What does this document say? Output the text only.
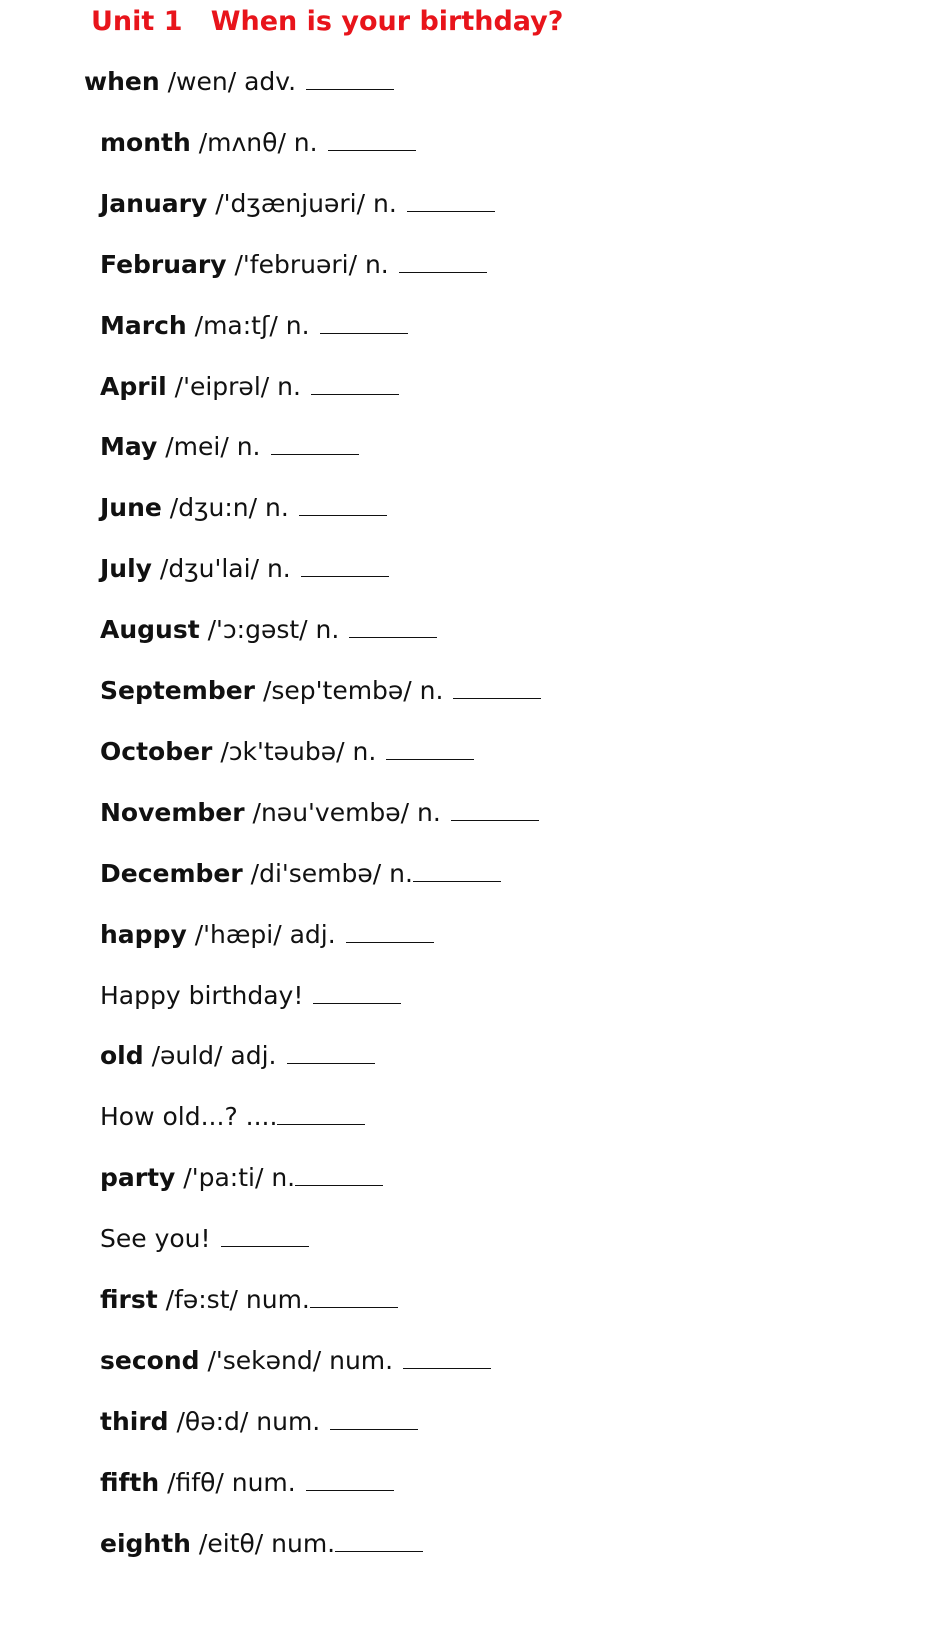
Unit 1   When is your birthday?
when /wen/ adv.
month /mʌnθ/ n.
January /'dʒænjuəri/ n.
February /'februəri/ n.
March /ma:tʃ/ n.
April /'eiprəl/ n.
May /mei/ n.
June /dʒu:n/ n.
July /dʒu'lai/ n.
August /'ɔ:gəst/ n.
September /sep'tembə/ n.
October /ɔk'təubə/ n.
November /nəu'vembə/ n.
December /di'sembə/ n.
happy /'hæpi/ adj.
Happy birthday!
old /əuld/ adj.
How old...? ....
party /'pa:ti/ n.
See you!
first /fə:st/ num.
second /'sekənd/ num.
third /θə:d/ num.
fifth /fifθ/ num.
eighth /eitθ/ num.
